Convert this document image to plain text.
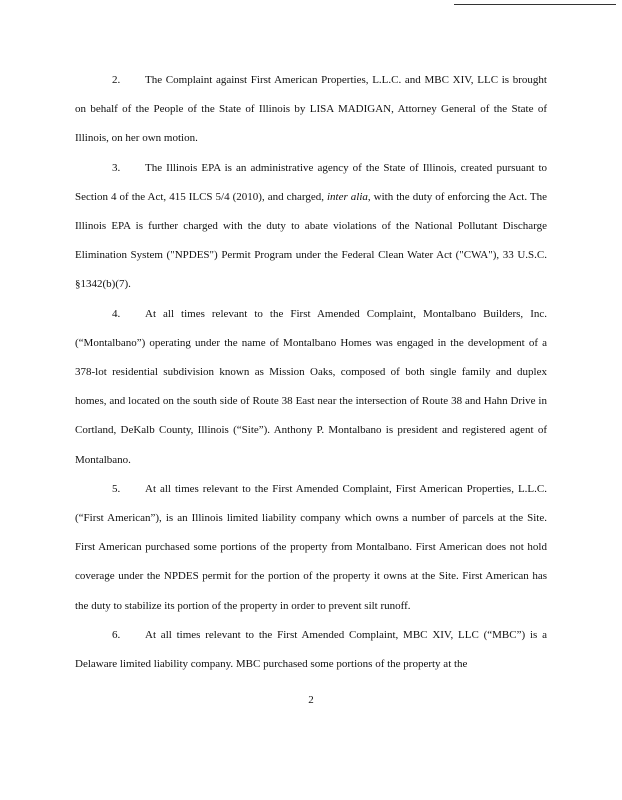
2. The Complaint against First American Properties, L.L.C. and MBC XIV, LLC is brought on behalf of the People of the State of Illinois by LISA MADIGAN, Attorney General of the State of Illinois, on her own motion.

3. The Illinois EPA is an administrative agency of the State of Illinois, created pursuant to Section 4 of the Act, 415 ILCS 5/4 (2010), and charged, inter alia, with the duty of enforcing the Act. The Illinois EPA is further charged with the duty to abate violations of the National Pollutant Discharge Elimination System ("NPDES") Permit Program under the Federal Clean Water Act ("CWA"), 33 U.S.C. §1342(b)(7).

4. At all times relevant to the First Amended Complaint, Montalbano Builders, Inc. (“Montalbano”) operating under the name of Montalbano Homes was engaged in the development of a 378-lot residential subdivision known as Mission Oaks, composed of both single family and duplex homes, and located on the south side of Route 38 East near the intersection of Route 38 and Hahn Drive in Cortland, DeKalb County, Illinois (“Site”). Anthony P. Montalbano is president and registered agent of Montalbano.

5. At all times relevant to the First Amended Complaint, First American Properties, L.L.C. (“First American”), is an Illinois limited liability company which owns a number of parcels at the Site. First American purchased some portions of the property from Montalbano. First American does not hold coverage under the NPDES permit for the portion of the property it owns at the Site. First American has the duty to stabilize its portion of the property in order to prevent silt runoff.

6. At all times relevant to the First Amended Complaint, MBC XIV, LLC (“MBC”) is a Delaware limited liability company. MBC purchased some portions of the property at the

2
